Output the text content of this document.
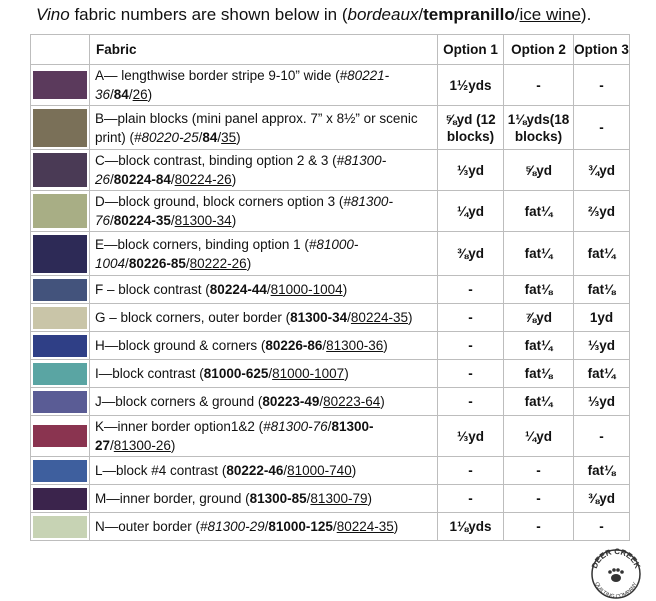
Vino fabric numbers are shown below in (bordeaux/tempranillo/ice wine).
	Fabric	Option 1	Option 2	Option 3

	A— lengthwise border stripe 9-10” wide (#80221-36/84/26)	1½yds	-	-

	B—plain blocks (mini panel approx. 7” x 8½” or scenic print) (#80220-25/84/35)	⅝yd (12 blocks)	1⅛yds(18 blocks)	-

	C—block contrast, binding option 2 & 3 (#81300-26/80224-84/80224-26)	⅓yd	⅝yd	¾yd

	D—block ground, block corners option 3 (#81300-76/80224-35/81300-34)	¼yd	fat¼	⅔yd

	E—block corners, binding option 1 (#81000-1004/80226-85/80222-26)	⅜yd	fat¼	fat¼

	F – block contrast (80224-44/81000-1004)	-	fat⅛	fat⅛

	G – block corners, outer border (81300-34/80224-35)	-	⅞yd	1yd

	H—block ground & corners (80226-86/81300-36)	-	fat¼	⅓yd

	I—block contrast (81000-625/81000-1007)	-	fat⅛	fat¼

	J—block corners & ground (80223-49/80223-64)	-	fat¼	⅓yd

	K—inner border option1&2 (#81300-76/81300-27/81300-26)	⅓yd	¼yd	-

	L—block #4 contrast (80222-46/81000-740)	-	-	fat⅛

	M—inner border, ground (81300-85/81300-79)	-	-	⅜yd

	N—outer border (#81300-29/81000-125/80224-35)	1⅛yds	-	-
DEER CREEK
QUILTING COMPANY
